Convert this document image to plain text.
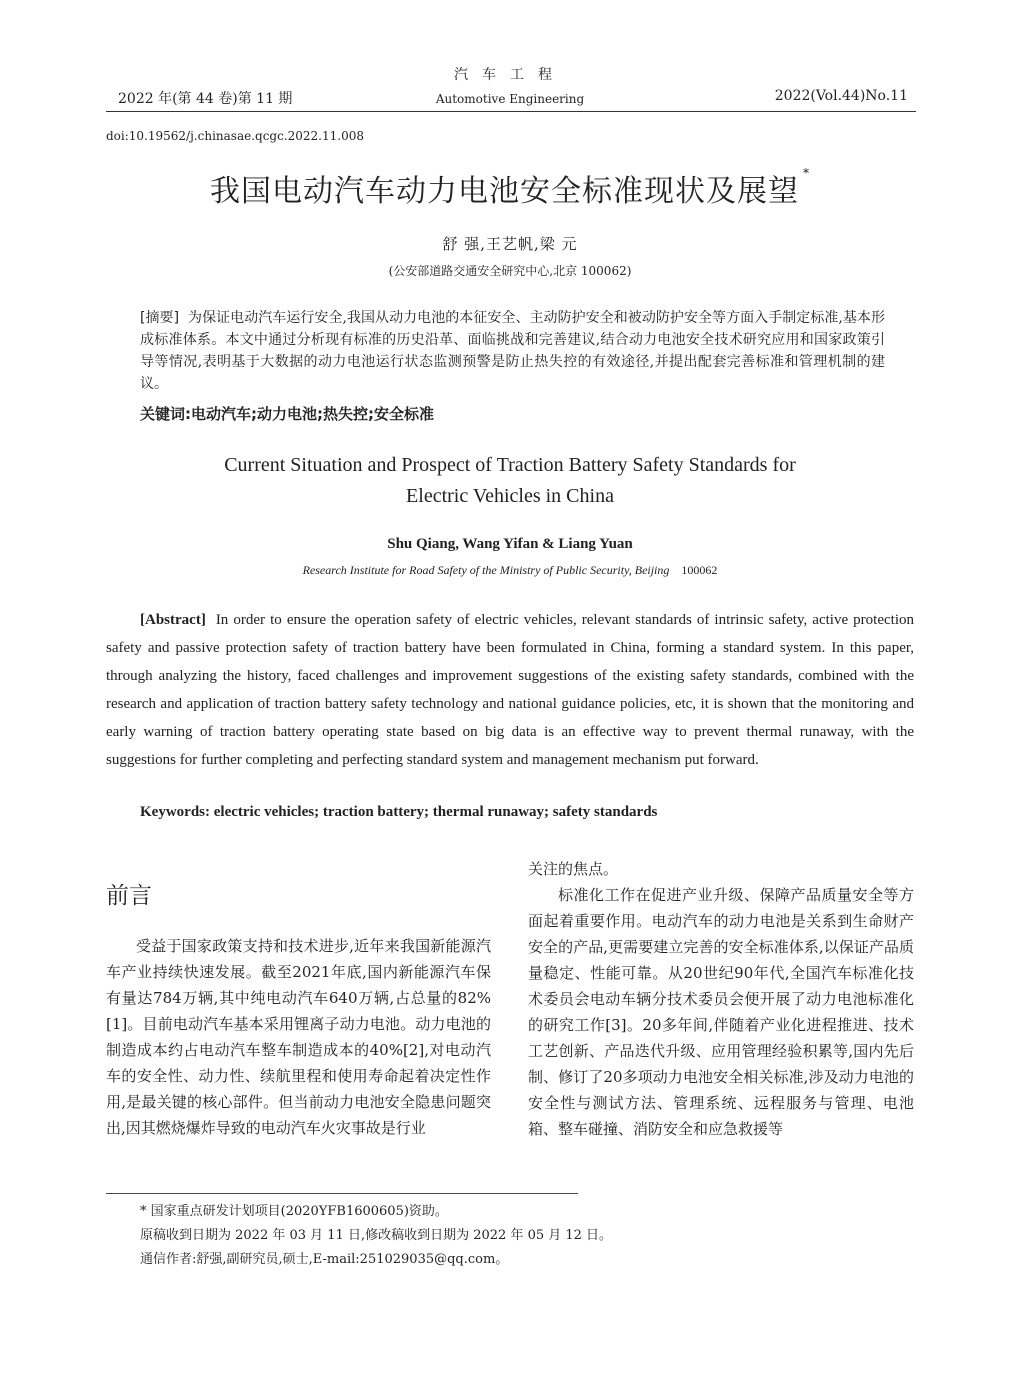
汽车工程
2022 年(第 44 卷)第 11 期	Automotive Engineering	2022(Vol.44)No.11
doi:10.19562/j.chinasae.qcgc.2022.11.008
我国电动汽车动力电池安全标准现状及展望*
舒 强,王艺帆,梁 元
(公安部道路交通安全研究中心,北京 100062)
[摘要] 为保证电动汽车运行安全,我国从动力电池的本征安全、主动防护安全和被动防护安全等方面入手制定标准,基本形成标准体系。本文中通过分析现有标准的历史沿革、面临挑战和完善建议,结合动力电池安全技术研究应用和国家政策引导等情况,表明基于大数据的动力电池运行状态监测预警是防止热失控的有效途径,并提出配套完善标准和管理机制的建议。
关键词:电动汽车;动力电池;热失控;安全标准
Current Situation and Prospect of Traction Battery Safety Standards for
Electric Vehicles in China
Shu Qiang, Wang Yifan & Liang Yuan
Research Institute for Road Safety of the Ministry of Public Security, Beijing 100062
[Abstract] In order to ensure the operation safety of electric vehicles, relevant standards of intrinsic safety, active protection safety and passive protection safety of traction battery have been formulated in China, forming a standard system. In this paper, through analyzing the history, faced challenges and improvement suggestions of the existing safety standards, combined with the research and application of traction battery safety technology and national guidance policies, etc, it is shown that the monitoring and early warning of traction battery operating state based on big data is an effective way to prevent thermal runaway, with the suggestions for further completing and perfecting standard system and management mechanism put forward.
Keywords: electric vehicles; traction battery; thermal runaway; safety standards
前言

受益于国家政策支持和技术进步,近年来我国新能源汽车产业持续快速发展。截至2021年底,国内新能源汽车保有量达784万辆,其中纯电动汽车640万辆,占总量的82%[1]。目前电动汽车基本采用锂离子动力电池。动力电池的制造成本约占电动汽车整车制造成本的40%[2],对电动汽车的安全性、动力性、续航里程和使用寿命起着决定性作用,是最关键的核心部件。但当前动力电池安全隐患问题突出,因其燃烧爆炸导致的电动汽车火灾事故是行业

关注的焦点。

标准化工作在促进产业升级、保障产品质量安全等方面起着重要作用。电动汽车的动力电池是关系到生命财产安全的产品,更需要建立完善的安全标准体系,以保证产品质量稳定、性能可靠。从20世纪90年代,全国汽车标准化技术委员会电动车辆分技术委员会便开展了动力电池标准化的研究工作[3]。20多年间,伴随着产业化进程推进、技术工艺创新、产品迭代升级、应用管理经验积累等,国内先后制、修订了20多项动力电池安全相关标准,涉及动力电池的安全性与测试方法、管理系统、远程服务与管理、电池箱、整车碰撞、消防安全和应急救援等

* 国家重点研发计划项目(2020YFB1600605)资助。
原稿收到日期为 2022 年 03 月 11 日,修改稿收到日期为 2022 年 05 月 12 日。
通信作者:舒强,副研究员,硕士,E-mail:251029035@qq.com。
